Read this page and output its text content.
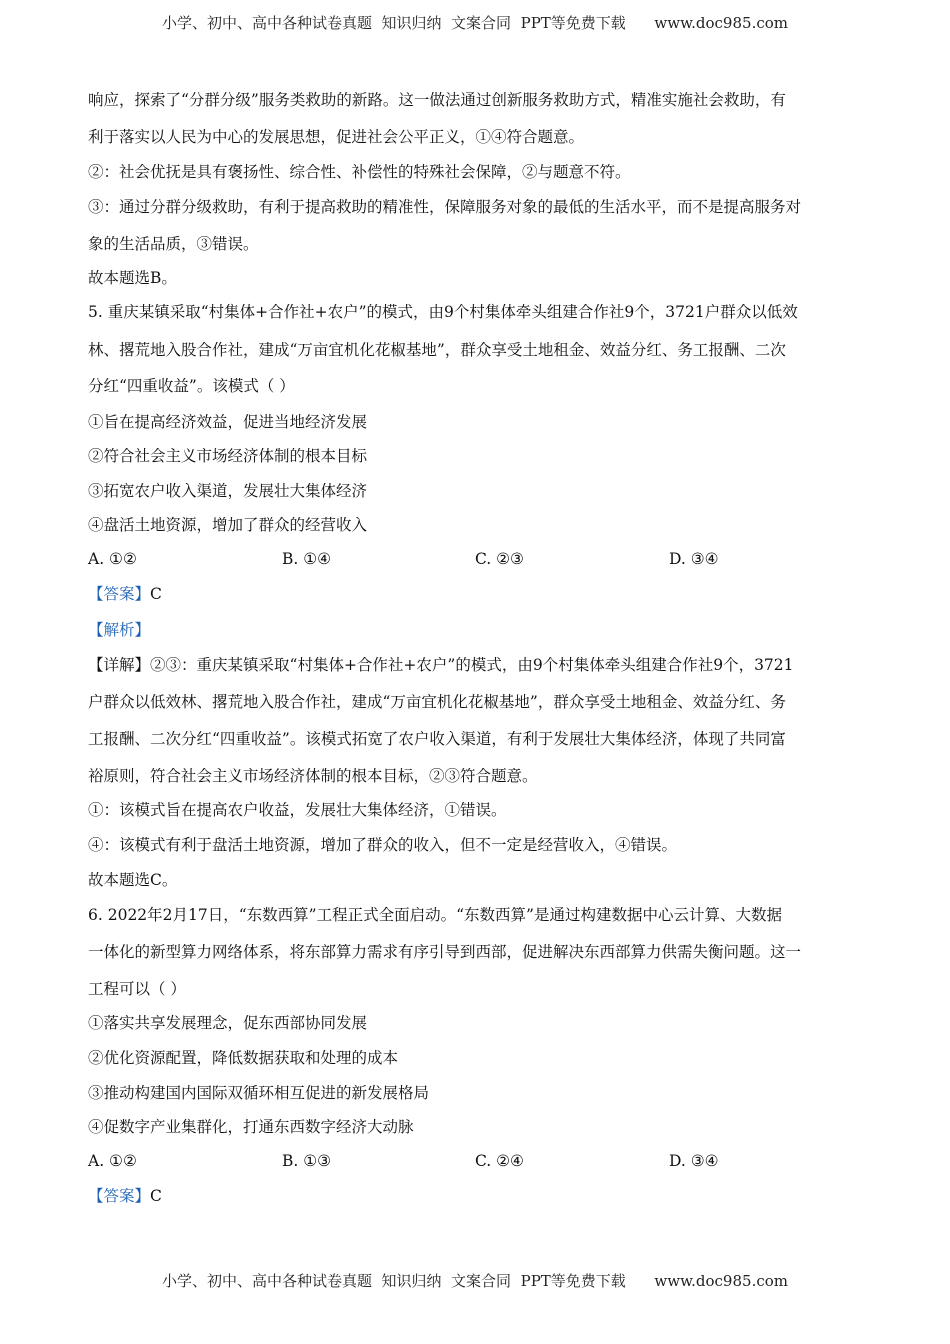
小学、初中、高中各种试卷真题  知识归纳  文案合同  PPT等免费下载      www.doc985.com
响应，探索了“分群分级”服务类救助的新路。这一做法通过创新服务救助方式，精准实施社会救助，有
利于落实以人民为中心的发展思想，促进社会公平正义，①④符合题意。
②：社会优抚是具有褒扬性、综合性、补偿性的特殊社会保障，②与题意不符。
③：通过分群分级救助，有利于提高救助的精准性，保障服务对象的最低的生活水平，而不是提高服务对
象的生活品质，③错误。
故本题选B。
5. 重庆某镇采取“村集体+合作社+农户”的模式，由9个村集体牵头组建合作社9个，3721户群众以低效
林、撂荒地入股合作社，建成“万亩宜机化花椒基地”，群众享受土地租金、效益分红、务工报酬、二次
分红“四重收益”。该模式（ ）
①旨在提高经济效益，促进当地经济发展
②符合社会主义市场经济体制的根本目标
③拓宽农户收入渠道，发展壮大集体经济
④盘活土地资源，增加了群众的经营收入
A. ①②	B. ①④	C. ②③	D. ③④
【答案】C
【解析】
【详解】②③：重庆某镇采取“村集体+合作社+农户”的模式，由9个村集体牵头组建合作社9个，3721
户群众以低效林、撂荒地入股合作社，建成“万亩宜机化花椒基地”，群众享受土地租金、效益分红、务
工报酬、二次分红“四重收益”。该模式拓宽了农户收入渠道，有利于发展壮大集体经济，体现了共同富
裕原则，符合社会主义市场经济体制的根本目标，②③符合题意。
①：该模式旨在提高农户收益，发展壮大集体经济，①错误。
④：该模式有利于盘活土地资源，增加了群众的收入，但不一定是经营收入，④错误。
故本题选C。
6. 2022年2月17日，“东数西算”工程正式全面启动。“东数西算”是通过构建数据中心云计算、大数据
一体化的新型算力网络体系，将东部算力需求有序引导到西部，促进解决东西部算力供需失衡问题。这一
工程可以（ ）
①落实共享发展理念，促东西部协同发展
②优化资源配置，降低数据获取和处理的成本
③推动构建国内国际双循环相互促进的新发展格局
④促数字产业集群化，打通东西数字经济大动脉
A. ①②	B. ①③	C. ②④	D. ③④
【答案】C
小学、初中、高中各种试卷真题  知识归纳  文案合同  PPT等免费下载      www.doc985.com
